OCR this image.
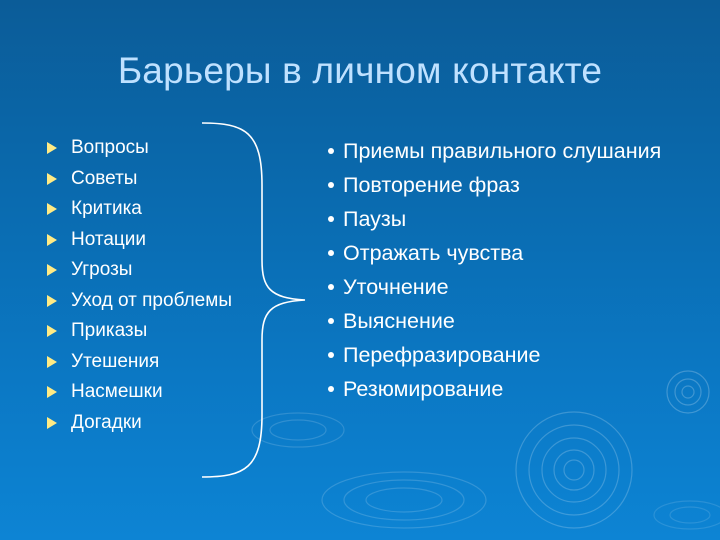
Барьеры в личном контакте
Вопросы
Советы
Критика
Нотации
Угрозы
Уход от проблемы
Приказы
Утешения
Насмешки
Догадки
Приемы правильного слушания
Повторение фраз
Паузы
Отражать чувства
Уточнение
Выяснение
Перефразирование
Резюмирование
